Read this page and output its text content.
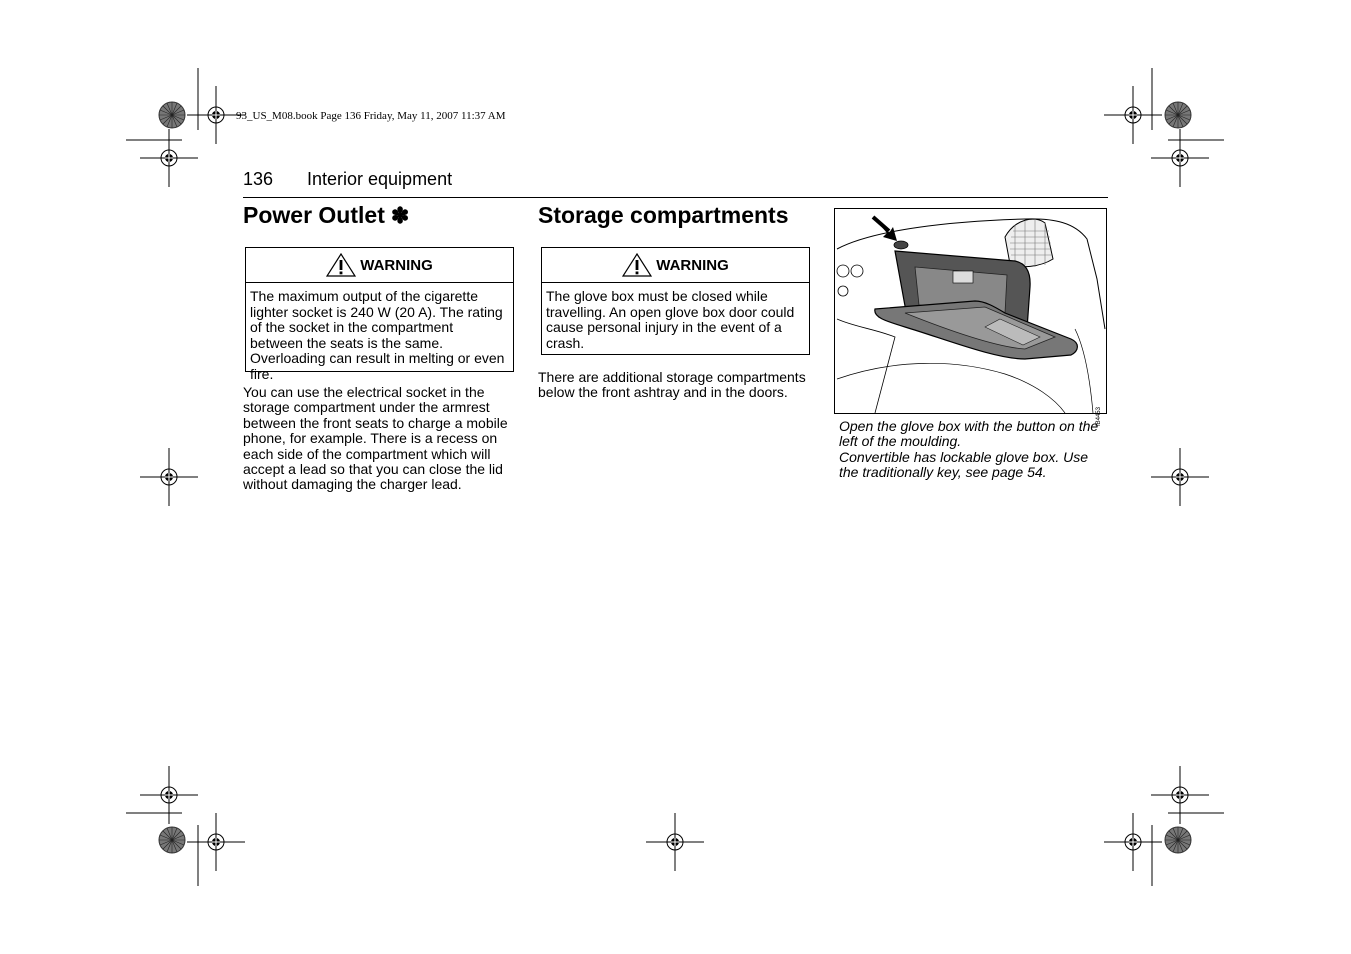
93_US_M08.book Page 136 Friday, May 11, 2007 11:37 AM
136 Interior equipment
Power Outlet ✽
WARNING
The maximum output of the cigarette lighter socket is 240 W (20 A). The rating of the socket in the compartment between the seats is the same. Overloading can result in melting or even fire.
You can use the electrical socket in the storage compartment under the armrest between the front seats to charge a mobile phone, for example. There is a recess on each side of the compartment which will accept a lead so that you can close the lid without damaging the charger lead.
Storage compartments
WARNING
The glove box must be closed while travelling. An open glove box door could cause personal injury in the event of a crash.
There are additional storage compartments below the front ashtray and in the doors.
IB4453
Open the glove box with the button on the left of the moulding.
Convertible has lockable glove box. Use the traditionally key, see page 54.
